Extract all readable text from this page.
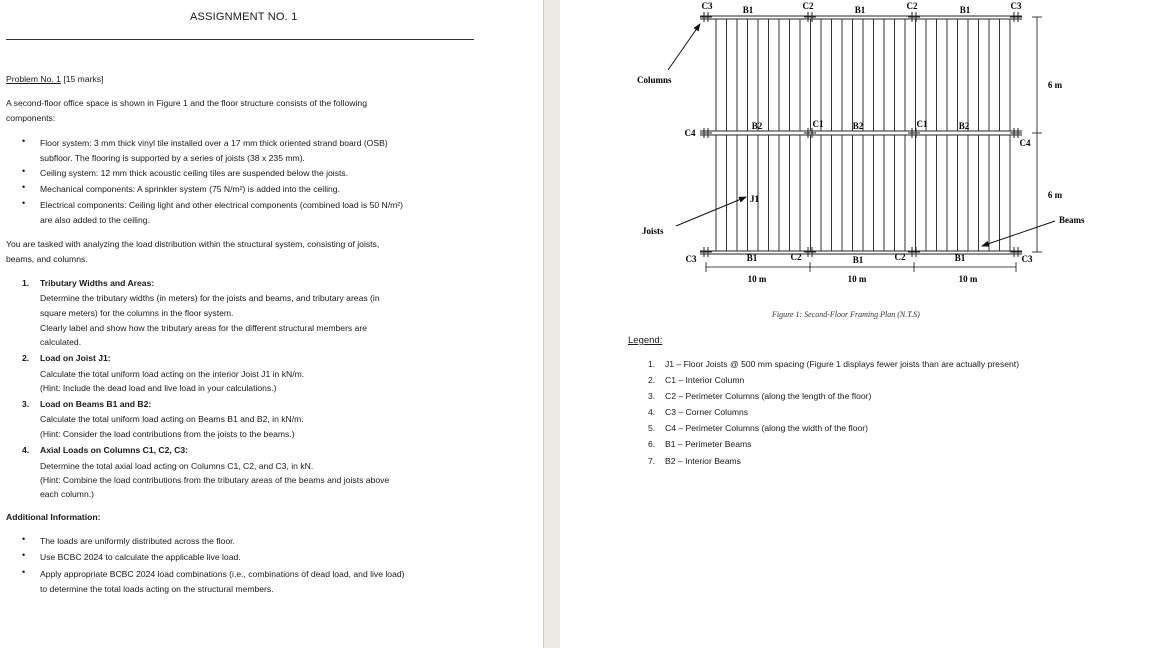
ASSIGNMENT NO. 1
Problem No. 1 [15 marks]
A second-floor office space is shown in Figure 1 and the floor structure consists of the following
components:
• Floor system: 3 mm thick vinyl tile installed over a 17 mm thick oriented strand board (OSB)
subfloor. The flooring is supported by a series of joists (38 x 235 mm).
• Ceiling system: 12 mm thick acoustic ceiling tiles are suspended below the joists.
• Mechanical components: A sprinkler system (75 N/m²) is added into the ceiling.
• Electrical components: Ceiling light and other electrical components (combined load is 50 N/m²)
are also added to the ceiling.
You are tasked with analyzing the load distribution within the structural system, consisting of joists,
beams, and columns.
1. Tributary Widths and Areas:
Determine the tributary widths (in meters) for the joists and beams, and tributary areas (in
square meters) for the columns in the floor system.
Clearly label and show how the tributary areas for the different structural members are
calculated.
2. Load on Joist J1:
Calculate the total uniform load acting on the interior Joist J1 in kN/m.
(Hint: Include the dead load and live load in your calculations.)
3. Load on Beams B1 and B2:
Calculate the total uniform load acting on Beams B1 and B2, in kN/m.
(Hint: Consider the load contributions from the joists to the beams.)
4. Axial Loads on Columns C1, C2, C3:
Determine the total axial load acting on Columns C1, C2, and C3, in kN.
(Hint: Combine the load contributions from the tributary areas of the beams and joists above
each column.)
Additional Information:
• The loads are uniformly distributed across the floor.
• Use BCBC 2024 to calculate the applicable live load.
• Apply appropriate BCBC 2024 load combinations (i.e., combinations of dead load, and live load)
to determine the total loads acting on the structural members.
C3	B1	C2	B1	C2	B1	C3
C4
B2	C1	B2	C1	B2
C4
C3	B1	C2	B1	C2	B1	C3
10 m	10 m	10 m
6 m
6 m
Columns
Joists
J1
Beams
Figure 1: Second-Floor Framing Plan (N.T.S)
Legend:
1. J1 – Floor Joists @ 500 mm spacing (Figure 1 displays fewer joists than are actually present)
2. C1 – Interior Column
3. C2 – Perimeter Columns (along the length of the floor)
4. C3 – Corner Columns
5. C4 – Perimeter Columns (along the width of the floor)
6. B1 – Perimeter Beams
7. B2 – Interior Beams
